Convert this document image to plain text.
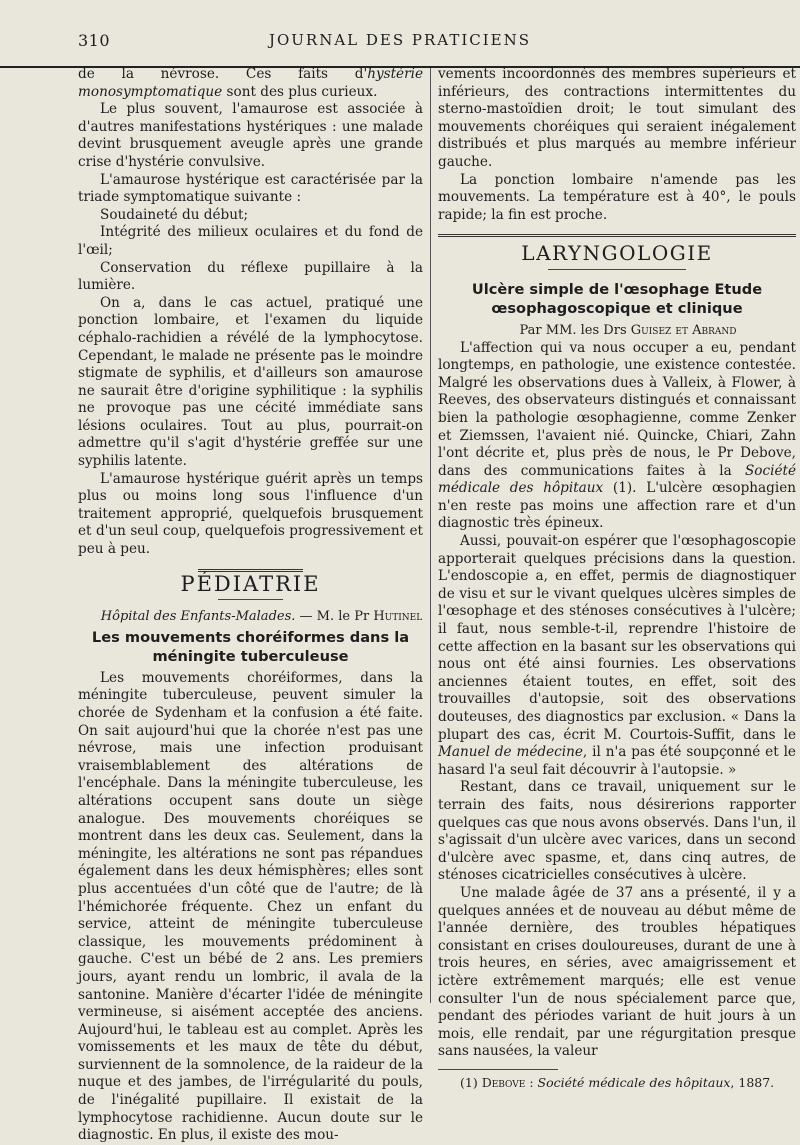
310	JOURNAL DES PRATICIENS

de la névrose. Ces faits d'hystérie monosymptomatique sont des plus curieux.

Le plus souvent, l'amaurose est associée à d'autres manifestations hystériques : une malade devint brusquement aveugle après une grande crise d'hystérie convulsive.

L'amaurose hystérique est caractérisée par la triade symptomatique suivante :

Soudaineté du début;

Intégrité des milieux oculaires et du fond de l'œil;

Conservation du réflexe pupillaire à la lumière.

On a, dans le cas actuel, pratiqué une ponction lombaire, et l'examen du liquide céphalo-rachidien a révélé de la lymphocytose. Cependant, le malade ne présente pas le moindre stigmate de syphilis, et d'ailleurs son amaurose ne saurait être d'origine syphilitique : la syphilis ne provoque pas une cécité immédiate sans lésions oculaires. Tout au plus, pourrait-on admettre qu'il s'agit d'hystérie greffée sur une syphilis latente.

L'amaurose hystérique guérit après un temps plus ou moins long sous l'influence d'un traitement approprié, quelquefois brusquement et d'un seul coup, quelquefois progressivement et peu à peu.

PÉDIATRIE

Hôpital des Enfants-Malades. — M. le Pr Hutinel

Les mouvements choréiformes dans la méningite tuberculeuse

Les mouvements choréiformes, dans la méningite tuberculeuse, peuvent simuler la chorée de Sydenham et la confusion a été faite. On sait aujourd'hui que la chorée n'est pas une névrose, mais une infection produisant vraisemblablement des altérations de l'encéphale. Dans la méningite tuberculeuse, les altérations occupent sans doute un siège analogue. Des mouvements choréiques se montrent dans les deux cas. Seulement, dans la méningite, les altérations ne sont pas répandues également dans les deux hémisphères; elles sont plus accentuées d'un côté que de l'autre; de là l'hémichorée fréquente. Chez un enfant du service, atteint de méningite tuberculeuse classique, les mouvements prédominent à gauche. C'est un bébé de 2 ans. Les premiers jours, ayant rendu un lombric, il avala de la santonine. Manière d'écarter l'idée de méningite vermineuse, si aisément acceptée des anciens. Aujourd'hui, le tableau est au complet. Après les vomissements et les maux de tête du début, surviennent de la somnolence, de la raideur de la nuque et des jambes, de l'irrégularité du pouls, de l'inégalité pupillaire. Il existait de la lymphocytose rachidienne. Aucun doute sur le diagnostic. En plus, il existe des mou-

vements incoordonnés des membres supérieurs et inférieurs, des contractions intermittentes du sterno-mastoïdien droit; le tout simulant des mouvements choréiques qui seraient inégalement distribués et plus marqués au membre inférieur gauche.

La ponction lombaire n'amende pas les mouvements. La température est à 40°, le pouls rapide; la fin est proche.

LARYNGOLOGIE
Ulcère simple de l'œsophage Etude œsophagoscopique et clinique

Par MM. les Drs Guisez et Abrand

L'affection qui va nous occuper a eu, pendant longtemps, en pathologie, une existence contestée. Malgré les observations dues à Valleix, à Flower, à Reeves, des observateurs distingués et connaissant bien la pathologie œsophagienne, comme Zenker et Ziemssen, l'avaient nié. Quincke, Chiari, Zahn l'ont décrite et, plus près de nous, le Pr Debove, dans des communications faites à la Société médicale des hôpitaux (1). L'ulcère œsophagien n'en reste pas moins une affection rare et d'un diagnostic très épineux.

Aussi, pouvait-on espérer que l'œsophagoscopie apporterait quelques précisions dans la question. L'endoscopie a, en effet, permis de diagnostiquer de visu et sur le vivant quelques ulcères simples de l'œsophage et des sténoses consécutives à l'ulcère; il faut, nous semble-t-il, reprendre l'histoire de cette affection en la basant sur les observations qui nous ont été ainsi fournies. Les observations anciennes étaient toutes, en effet, soit des trouvailles d'autopsie, soit des observations douteuses, des diagnostics par exclusion. « Dans la plupart des cas, écrit M. Courtois-Suffit, dans le Manuel de médecine, il n'a pas été soupçonné et le hasard l'a seul fait découvrir à l'autopsie. »

Restant, dans ce travail, uniquement sur le terrain des faits, nous désirerions rapporter quelques cas que nous avons observés. Dans l'un, il s'agissait d'un ulcère avec varices, dans un second d'ulcère avec spasme, et, dans cinq autres, de sténoses cicatricielles consécutives à ulcère.

Une malade âgée de 37 ans a présenté, il y a quelques années et de nouveau au début même de l'année dernière, des troubles hépatiques consistant en crises douloureuses, durant de une à trois heures, en séries, avec amaigrissement et ictère extrêmement marqués; elle est venue consulter l'un de nous spécialement parce que, pendant des périodes variant de huit jours à un mois, elle rendait, par une régurgitation presque sans nausées, la valeur

(1) Debove : Société médicale des hôpitaux, 1887.
